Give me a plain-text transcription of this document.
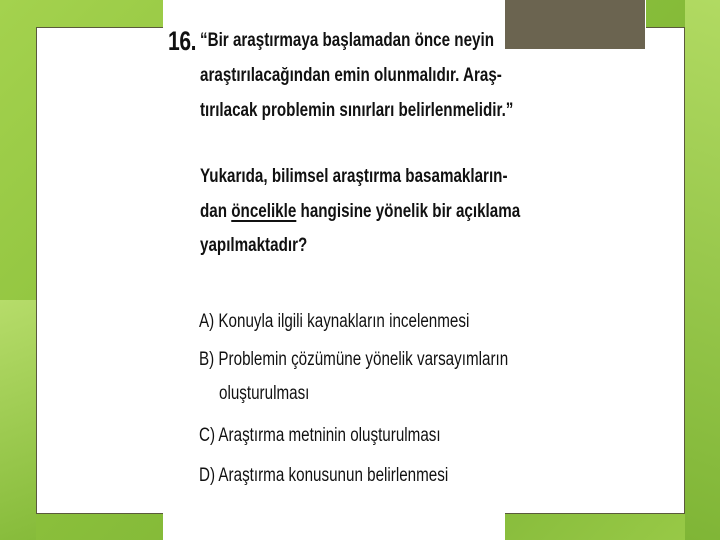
16. “Bir araştırmaya başlamadan önce neyin
araştırılacağından emin olunmalıdır. Araş-
tırılacak problemin sınırları belirlenmelidir.”
Yukarıda, bilimsel araştırma basamakların-
dan öncelikle hangisine yönelik bir açıklama
yapılmaktadır?
A) Konuyla ilgili kaynakların incelenmesi
B) Problemin çözümüne yönelik varsayımların
oluşturulması
C) Araştırma metninin oluşturulması
D) Araştırma konusunun belirlenmesi
